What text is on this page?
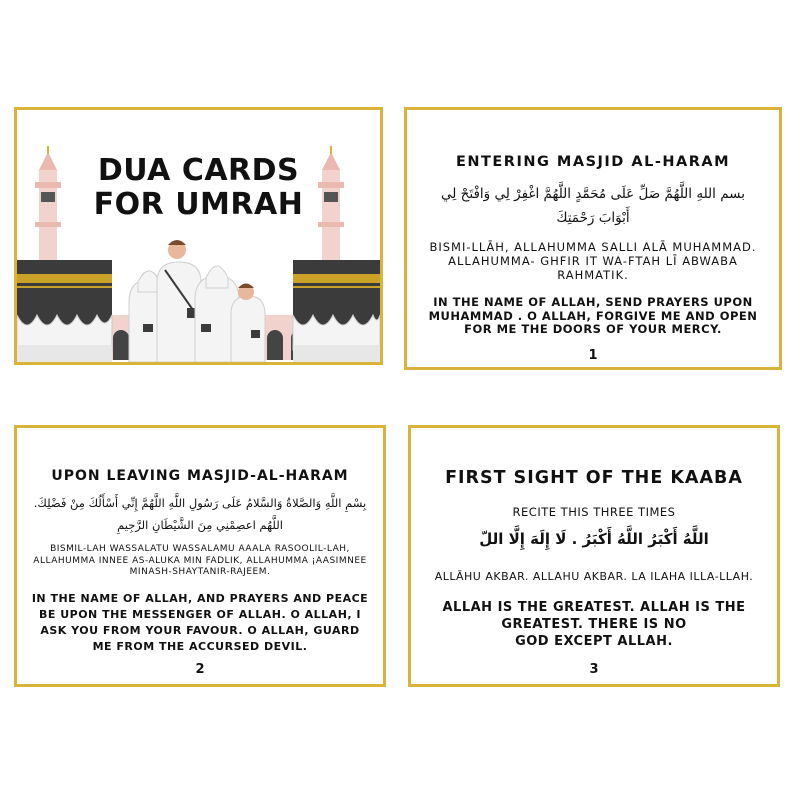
DUA CARDS
FOR UMRAH
ENTERING MASJID AL-HARAM
بسم اللهِ اللَّهُمَّ صَلِّ عَلَى مُحَمَّدٍ اللَّهُمَّ اغْفِرْ لِي وَافْتَحْ لِي أَبْوَابَ رَحْمَتِكَ
BISMI-LLĀH, ALLAHUMMA SALLI ALĀ MUHAMMAD. ALLAHUMMA- GHFIR IT WA-FTAH LĪ ABWABA RAHMATIK.
IN THE NAME OF ALLAH, SEND PRAYERS UPON MUHAMMAD . O ALLAH, FORGIVE ME AND OPEN FOR ME THE DOORS OF YOUR MERCY.
1
UPON LEAVING MASJID-AL-HARAM
بِسْمِ اللَّهِ وَالصَّلاةُ وَالسَّلامُ عَلَى رَسُولِ اللَّهِ اللَّهُمَّ إِنِّي أَسْأَلُكَ مِنْ فَضْلِكَ. اللَّهُم اعصِمْنِي مِنَ الشَّيْطَانِ الرَّجِيمِ
BISMIL-LAH WASSALATU WASSALAMU AAALA RASOOLIL-LAH, ALLAHUMMA INNEE AS-ALUKA MIN FADLIK, ALLAHUMMA ¡AASIMNEE MINASH-SHAYTANIR-RAJEEM.
IN THE NAME OF ALLAH, AND PRAYERS AND PEACE BE UPON THE MESSENGER OF ALLAH. O ALLAH, I ASK YOU FROM YOUR FAVOUR. O ALLAH, GUARD ME FROM THE ACCURSED DEVIL.
2
FIRST SIGHT OF THE KAABA
RECITE THIS THREE TIMES
اللَّهُ أَكْبَرُ اللَّهُ أَكْبَرُ . لَا إِلَهَ إِلَّا اللّ
ALLĀHU AKBAR. ALLAHU AKBAR. LA ILAHA ILLA-LLAH.
ALLAH IS THE GREATEST. ALLAH IS THE
GREATEST. THERE IS NO
GOD EXCEPT ALLAH.
3
